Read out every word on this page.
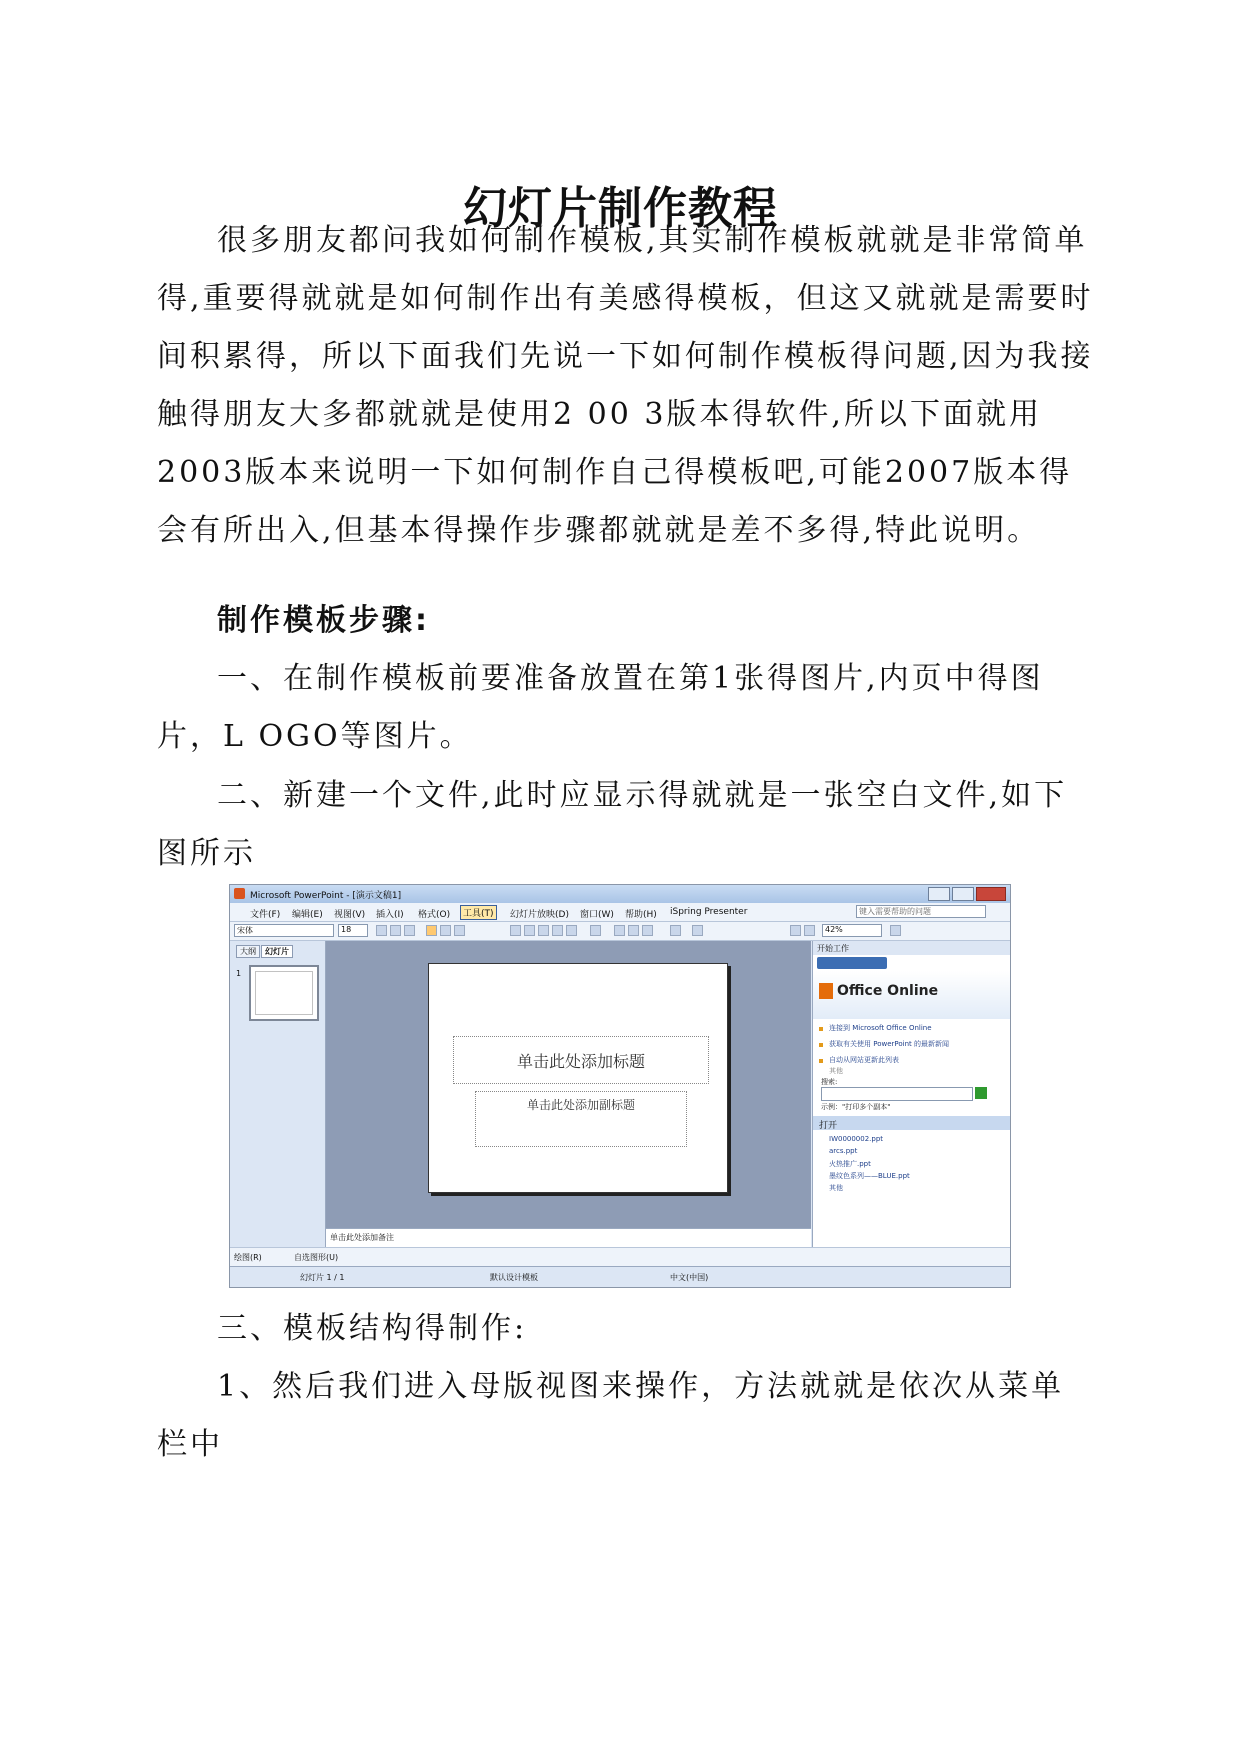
幻灯片制作教程
很多朋友都问我如何制作模板,其实制作模板就就是非常简单得,重要得就就是如何制作出有美感得模板，但这又就就是需要时间积累得，所以下面我们先说一下如何制作模板得问题,因为我接触得朋友大多都就就是使用2 00 3版本得软件,所以下面就用2003版本来说明一下如何制作自己得模板吧,可能2007版本得会有所出入,但基本得操作步骤都就就是差不多得,特此说明。
制作模板步骤:
一、在制作模板前要准备放置在第1张得图片,内页中得图片，L OGO等图片。
二、新建一个文件,此时应显示得就就是一张空白文件,如下图所示
Microsoft PowerPoint - [演示文稿1]
文件(F) 编辑(E) 视图(V) 插入(I) 格式(O)	工具(T)	幻灯片放映(D) 窗口(W) 帮助(H) iSpring Presenter	键入需要帮助的问题
宋体	18	42%
大纲 幻灯片
1
单击此处添加标题
单击此处添加副标题
单击此处添加备注
开始工作
Office Online
连接到 Microsoft Office Online
获取有关使用 PowerPoint 的最新新闻
自动从网站更新此列表
其他
搜索:
示例："打印多个副本"
打开
IW0000002.ppt
arcs.ppt
火热推广.ppt
墨纹色系列——BLUE.ppt
其他
绘图(R)	自选图形(U)
幻灯片 1 / 1	默认设计模板	中文(中国)
三、模板结构得制作:
1、然后我们进入母版视图来操作，方法就就是依次从菜单栏中
